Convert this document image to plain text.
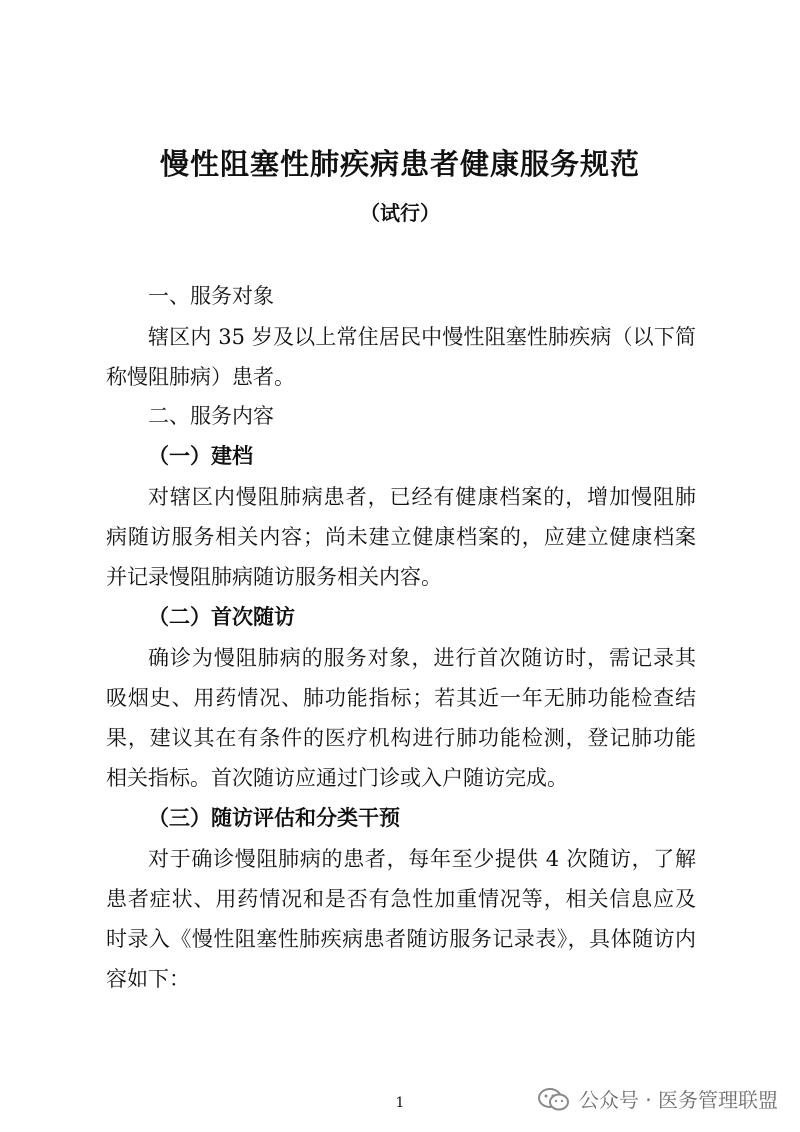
慢性阻塞性肺疾病患者健康服务规范
（试行）
一、服务对象
辖区内 35 岁及以上常住居民中慢性阻塞性肺疾病（以下简
称慢阻肺病）患者。
二、服务内容
（一）建档
对辖区内慢阻肺病患者，已经有健康档案的，增加慢阻肺
病随访服务相关内容；尚未建立健康档案的，应建立健康档案
并记录慢阻肺病随访服务相关内容。
（二）首次随访
确诊为慢阻肺病的服务对象，进行首次随访时，需记录其
吸烟史、用药情况、肺功能指标；若其近一年无肺功能检查结
果，建议其在有条件的医疗机构进行肺功能检测，登记肺功能
相关指标。首次随访应通过门诊或入户随访完成。
（三）随访评估和分类干预
对于确诊慢阻肺病的患者，每年至少提供 4 次随访，了解
患者症状、用药情况和是否有急性加重情况等，相关信息应及
时录入《慢性阻塞性肺疾病患者随访服务记录表》，具体随访内
容如下：
1	公众号 · 医务管理联盟
